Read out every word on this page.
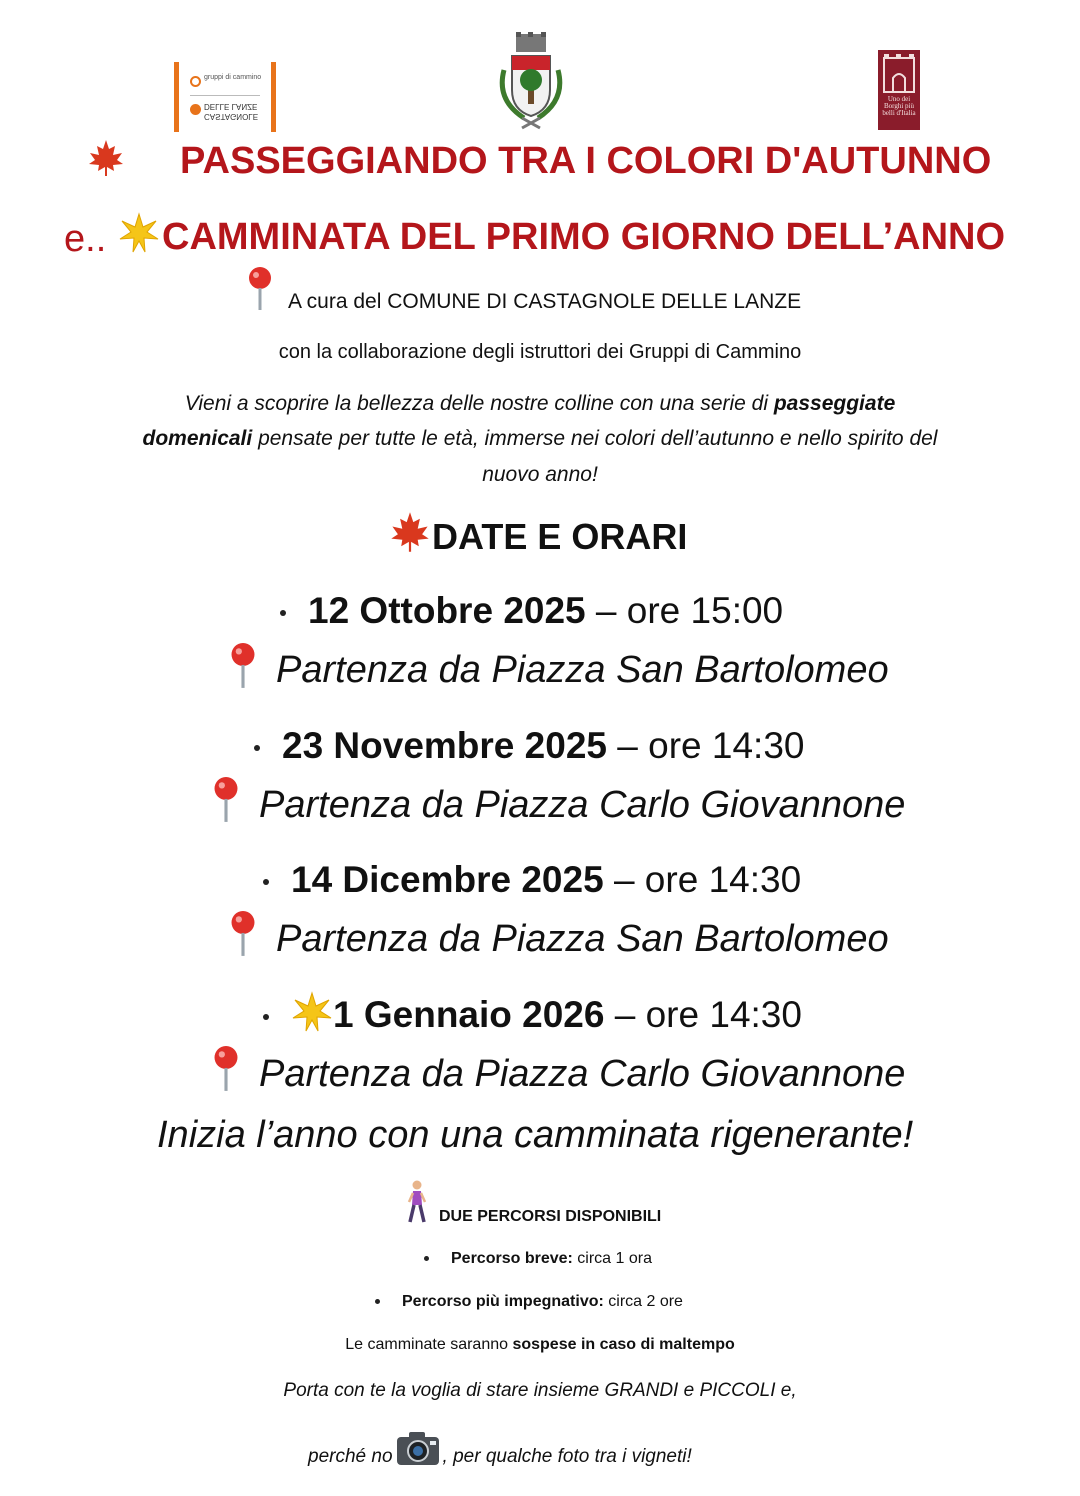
gruppi di cammino
DELLE LANZE
CASTAGNOLE
Uno dei Borghi più belli d'Italia
PASSEGGIANDO TRA I COLORI D'AUTUNNO
e.. CAMMINATA DEL PRIMO GIORNO DELL’ANNO
A cura del COMUNE DI CASTAGNOLE DELLE LANZE
con la collaborazione degli istruttori dei Gruppi di Cammino
Vieni a scoprire la bellezza delle nostre colline con una serie di passeggiate
domenicali pensate per tutte le età, immerse nei colori dell’autunno e nello spirito del
nuovo anno!
DATE E ORARI
12 Ottobre 2025 – ore 15:00
Partenza da Piazza San Bartolomeo
23 Novembre 2025 – ore 14:30
Partenza da Piazza Carlo Giovannone
14 Dicembre 2025 – ore 14:30
Partenza da Piazza San Bartolomeo
1 Gennaio 2026 – ore 14:30
Partenza da Piazza Carlo Giovannone
Inizia l’anno con una camminata rigenerante!
DUE PERCORSI DISPONIBILI
Percorso breve: circa 1 ora
Percorso più impegnativo: circa 2 ore
Le camminate saranno sospese in caso di maltempo
Porta con te la voglia di stare insieme GRANDI e PICCOLI e,
perché no	, per qualche foto tra i vigneti!
